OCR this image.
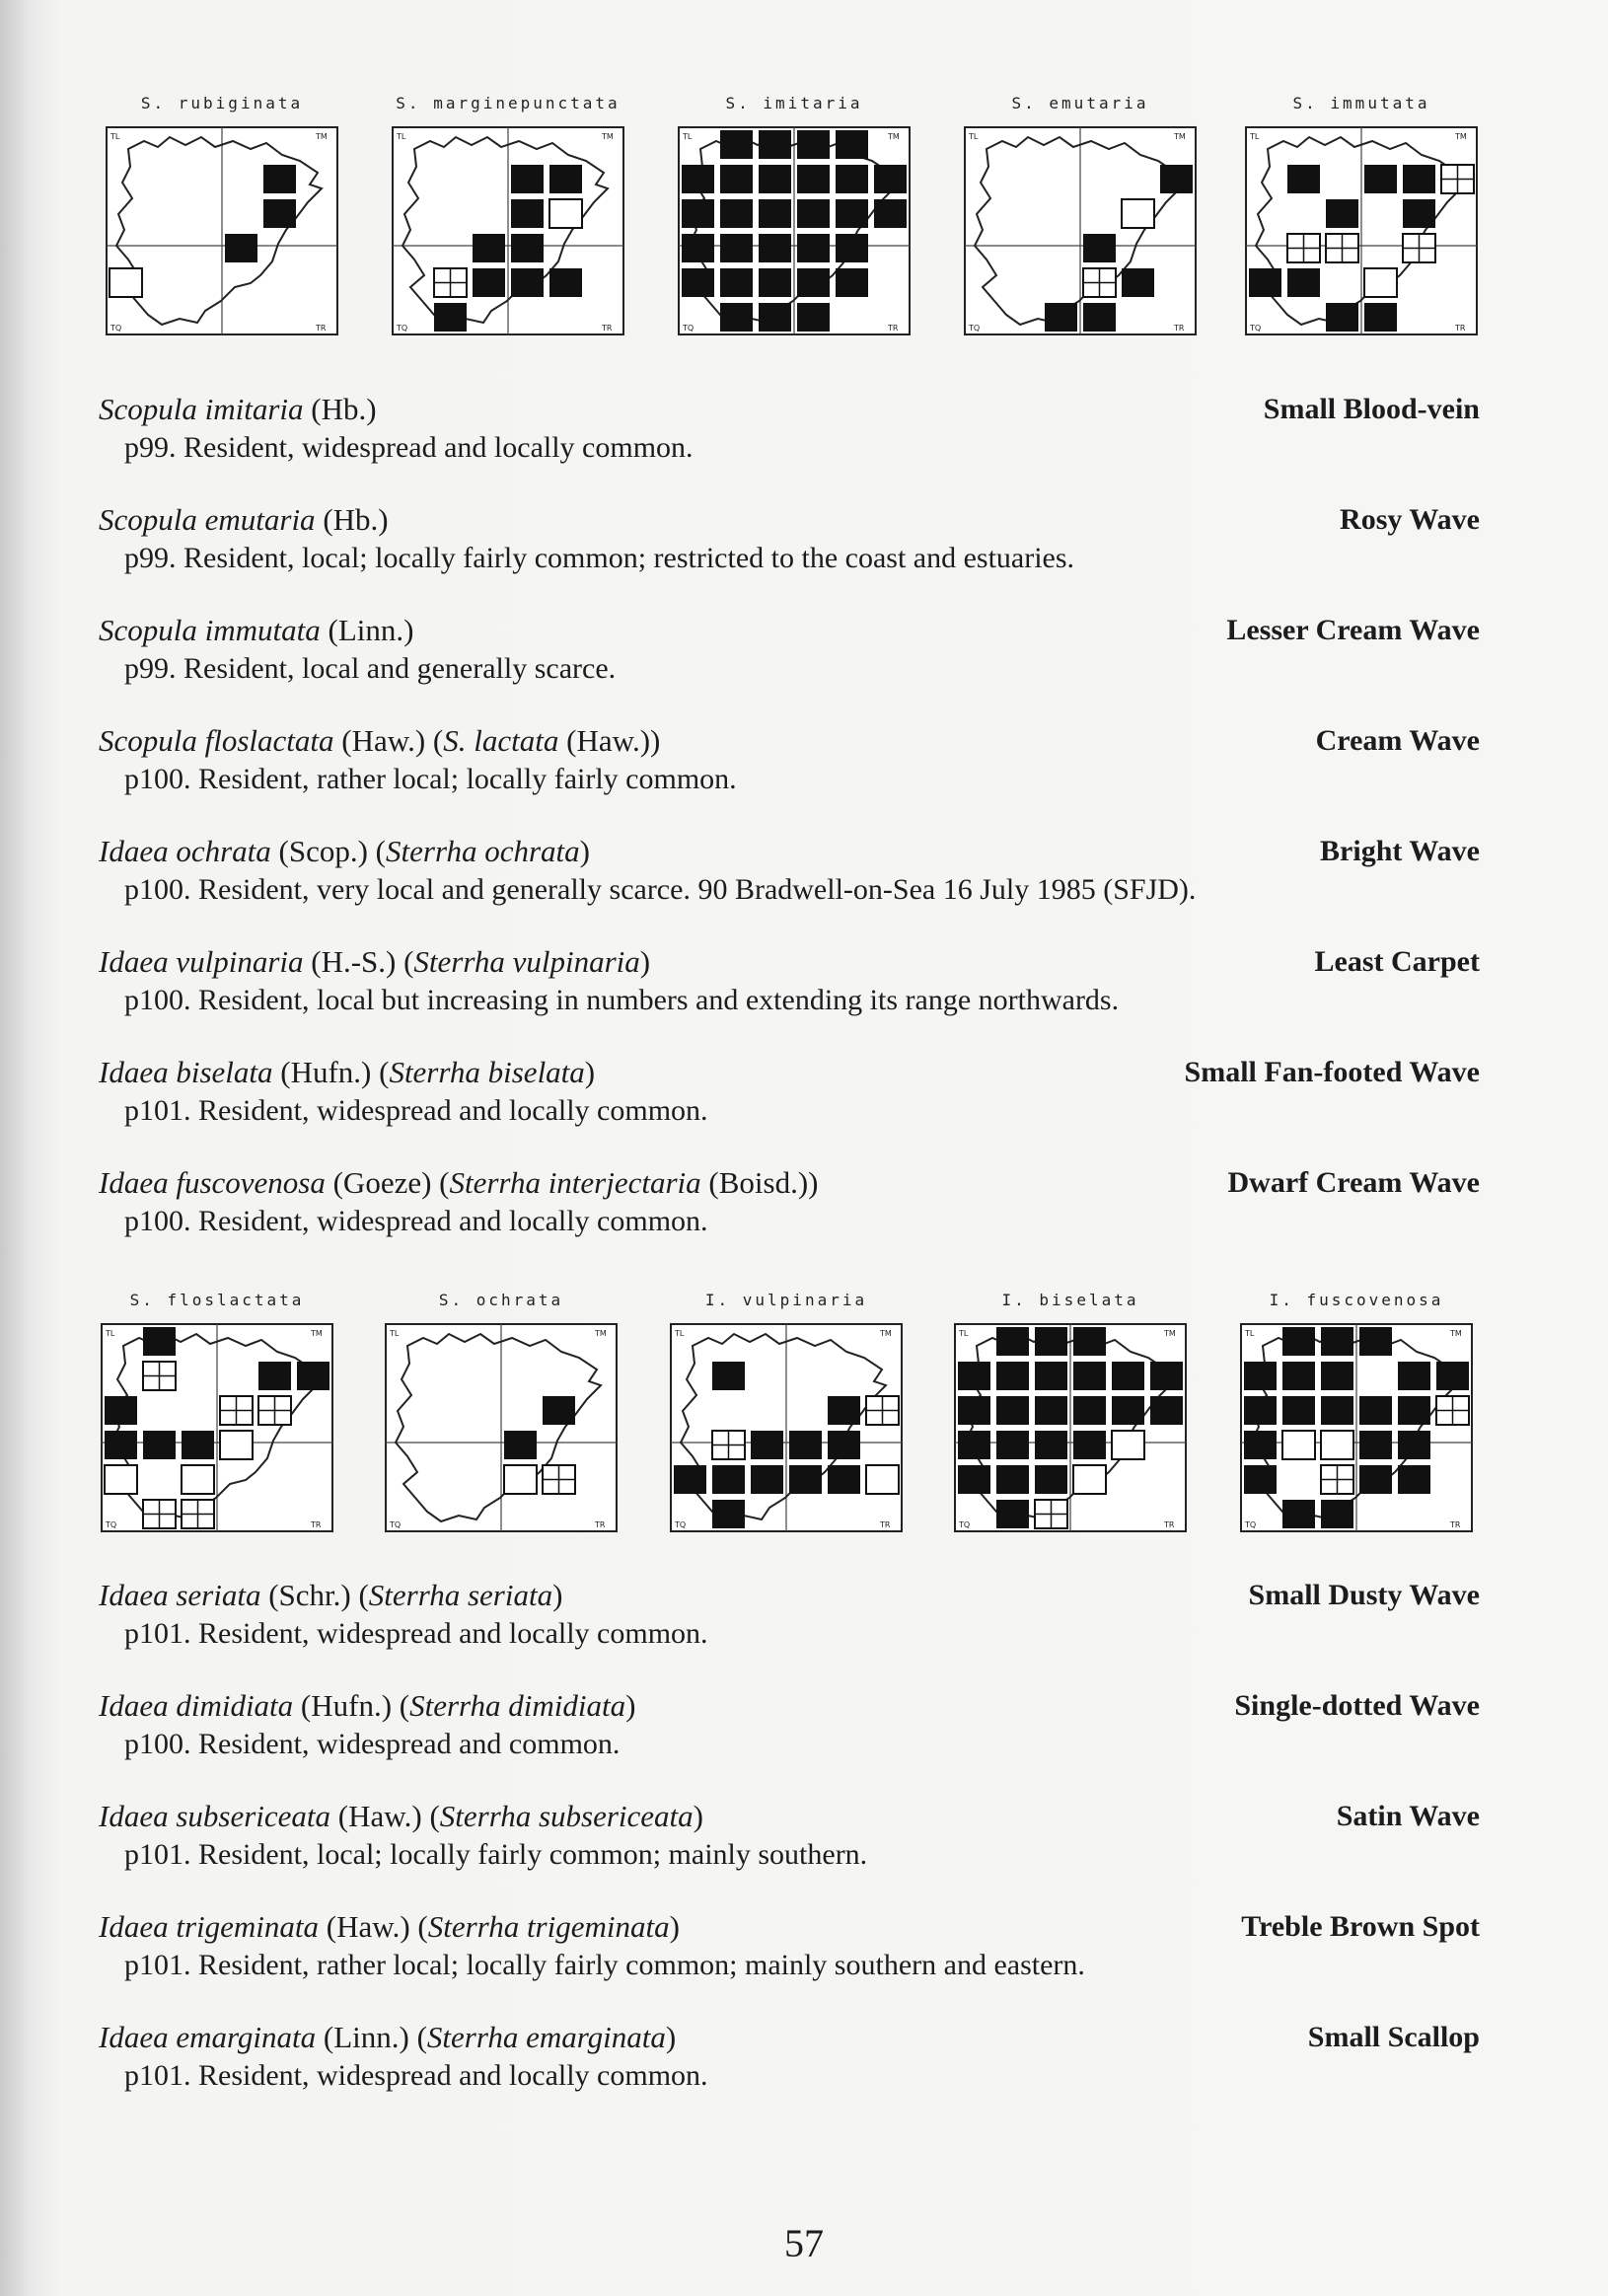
S. rubiginata
TL	TM
TQ	TR
S. marginepunctata
TL	TM
TQ	TR
S. imitaria
TL	TM
TQ	TR
S. emutaria
TL	TM
TQ	TR
S. immutata
TL	TM
TQ	TR
Scopula imitaria (Hb.)	Small Blood-vein
p99. Resident, widespread and locally common.
Scopula emutaria (Hb.)	Rosy Wave
p99. Resident, local; locally fairly common; restricted to the coast and estuaries.
Scopula immutata (Linn.)	Lesser Cream Wave
p99. Resident, local and generally scarce.
Scopula floslactata (Haw.) (S. lactata (Haw.))	Cream Wave
p100. Resident, rather local; locally fairly common.
Idaea ochrata (Scop.) (Sterrha ochrata)	Bright Wave
p100. Resident, very local and generally scarce. 90 Bradwell-on-Sea 16 July 1985 (SFJD).
Idaea vulpinaria (H.-S.) (Sterrha vulpinaria)	Least Carpet
p100. Resident, local but increasing in numbers and extending its range northwards.
Idaea biselata (Hufn.) (Sterrha biselata)	Small Fan-footed Wave
p101. Resident, widespread and locally common.
Idaea fuscovenosa (Goeze) (Sterrha interjectaria (Boisd.))	Dwarf Cream Wave
p100. Resident, widespread and locally common.
S. floslactata
TL	TM
TQ	TR
S. ochrata
TL	TM
TQ	TR
I. vulpinaria
TL	TM
TQ	TR
I. biselata
TL	TM
TQ	TR
I. fuscovenosa
TL	TM
TQ	TR
Idaea seriata (Schr.) (Sterrha seriata)	Small Dusty Wave
p101. Resident, widespread and locally common.
Idaea dimidiata (Hufn.) (Sterrha dimidiata)	Single-dotted Wave
p100. Resident, widespread and common.
Idaea subsericeata (Haw.) (Sterrha subsericeata)	Satin Wave
p101. Resident, local; locally fairly common; mainly southern.
Idaea trigeminata (Haw.) (Sterrha trigeminata)	Treble Brown Spot
p101. Resident, rather local; locally fairly common; mainly southern and eastern.
Idaea emarginata (Linn.) (Sterrha emarginata)	Small Scallop
p101. Resident, widespread and locally common.
57
